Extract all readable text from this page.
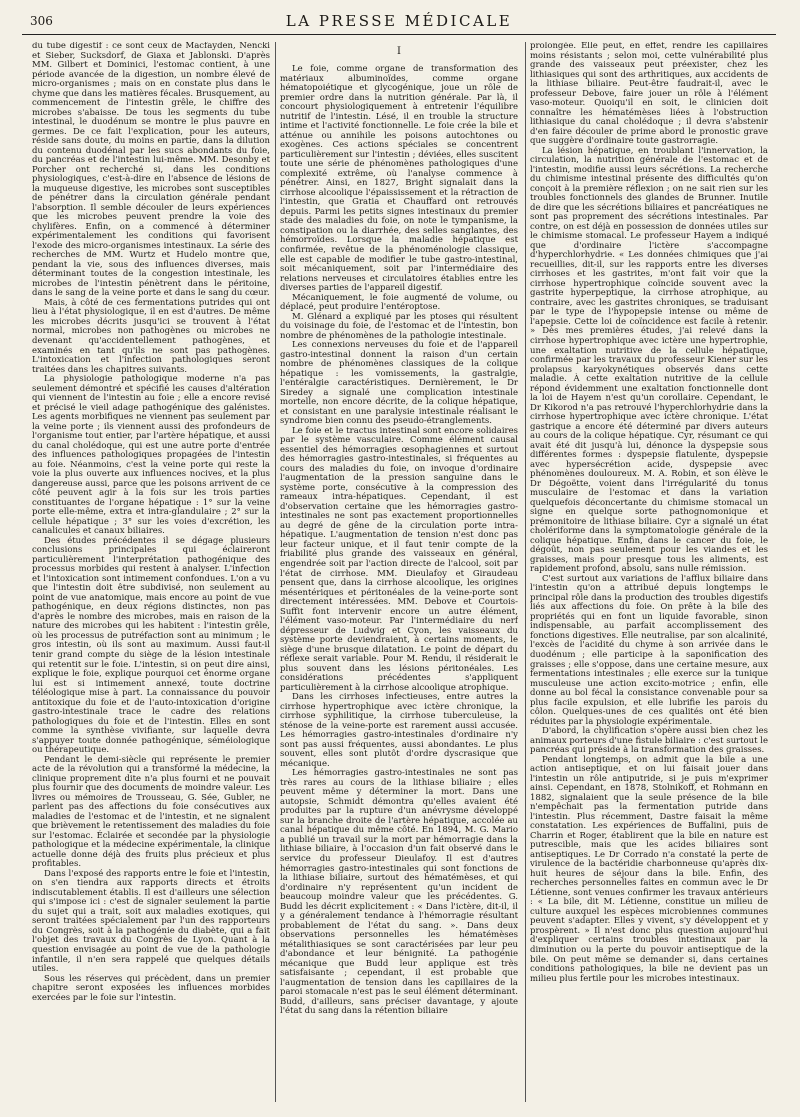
306	LA PRESSE MÉDICALE

du tube digestif : ce sont ceux de Macfayden, Nencki et Sieber, Sucksdorf, de Giaxa et Jablonski. D'après MM. Gilbert et Dominici, l'estomac contient, à une période avancée de la digestion, un nombre élevé de micro-organismes ; mais on en constate plus dans le chyme que dans les matières fécales. Brusquement, au commencement de l'intestin grêle, le chiffre des microbes s'abaisse. De tous les segments du tube intestinal, le duodénum se montre le plus pauvre en germes. De ce fait l'explication, pour les auteurs, réside sans doute, du moins en partie, dans la dilution du contenu duodénal par les sucs abondants du foie, du pancréas et de l'intestin lui-même. MM. Desonby et Porcher ont recherché si, dans les conditions physiologiques, c'est-à-dire en l'absence de lésions de la muqueuse digestive, les microbes sont susceptibles de pénétrer dans la circulation générale pendant l'absorption. Il semble découler de leurs expériences que les microbes peuvent prendre la voie des chylifères. Enfin, on a commencé à déterminer expérimentalement les conditions qui favorisent l'exode des micro-organismes intestinaux. La série des recherches de MM. Wurtz et Hudelo montre que, pendant la vie, sous des influences diverses, mais déterminant toutes de la congestion intestinale, les microbes de l'intestin pénètrent dans le péritoine, dans le sang de la veine porte et dans le sang du cœur.

Mais, à côté de ces fermentations putrides qui ont lieu à l'état physiologique, il en est d'autres. De même les microbes décrits jusqu'ici se trouvent à l'état normal, microbes non pathogènes ou microbes ne devenant qu'accidentellement pathogènes, et examinés en tant qu'ils ne sont pas pathogènes. L'intoxication et l'infection pathologiques seront traitées dans les chapitres suivants.

La physiologie pathologique moderne n'a pas seulement démontré et spécifié les causes d'altération qui viennent de l'intestin au foie ; elle a encore revisé et précisé le vieil adage pathogénique des galénistes. Les agents morbifiques ne viennent pas seulement par la veine porte ; ils viennent aussi des profondeurs de l'organisme tout entier, par l'artère hépatique, et aussi du canal cholédoque, qui est une autre porte d'entrée des influences pathologiques propagées de l'intestin au foie. Néanmoins, c'est la veine porte qui reste la voie la plus ouverte aux influences nocives, et la plus dangereuse aussi, parce que les poisons arrivent de ce côté peuvent agir à la fois sur les trois parties constituantes de l'organe hépatique : 1° sur la veine porte elle-même, extra et intra-glandulaire ; 2° sur la cellule hépatique ; 3° sur les voies d'excrétion, les canalicules et canaux biliaires.

Des études précédentes il se dégage plusieurs conclusions principales qui éclaireront particulièrement l'interprétation pathogénique des processus morbides qui restent à analyser. L'infection et l'intoxication sont intimement confondues. L'on a vu que l'intestin doit être subdivisé, non seulement au point de vue anatomique, mais encore au point de vue pathogénique, en deux régions distinctes, non pas d'après le nombre des microbes, mais en raison de la nature des microbes qui les habitent : l'intestin grêle, où les processus de putréfaction sont au minimum ; le gros intestin, où ils sont au maximum. Aussi faut-il tenir grand compte du siège de la lésion intestinale qui retentit sur le foie. L'intestin, si on peut dire ainsi, explique le foie, explique pourquoi cet énorme organe lui est si intimement annexé, toute doctrine téléologique mise à part. La connaissance du pouvoir antitoxique du foie et de l'auto-intoxication d'origine gastro-intestinale trace le cadre des relations pathologiques du foie et de l'intestin. Elles en sont comme la synthèse vivifiante, sur laquelle devra s'appuyer toute donnée pathogénique, séméiologique ou thérapeutique.

Pendant le demi-siècle qui représente le premier acte de la révolution qui a transformé la médecine, la clinique proprement dite n'a plus fourni et ne pouvait plus fournir que des documents de moindre valeur. Les livres ou mémoires de Trousseau, G. Sée, Gubler, ne parlent pas des affections du foie consécutives aux maladies de l'estomac et de l'intestin, et ne signalent que brièvement le retentissement des maladies du foie sur l'estomac. Éclairée et secondée par la physiologie pathologique et la médecine expérimentale, la clinique actuelle donne déjà des fruits plus précieux et plus profitables.

Dans l'exposé des rapports entre le foie et l'intestin, on s'en tiendra aux rapports directs et étroits indiscutablement établis. Il est d'ailleurs une sélection qui s'impose ici : c'est de signaler seulement la partie du sujet qui a trait, soit aux maladies exotiques, qui seront traitées spécialement par l'un des rapporteurs du Congrès, soit à la pathogénie du diabète, qui a fait l'objet des travaux du Congrès de Lyon. Quant à la question envisagée au point de vue de la pathologie infantile, il n'en sera rappelé que quelques détails utiles.

Sous les réserves qui précèdent, dans un premier chapitre seront exposées les influences morbides exercées par le foie sur l'intestin.

I

Le foie, comme organe de transformation des matériaux albuminoïdes, comme organe hématopoiétique et glycogénique, joue un rôle de premier ordre dans la nutrition générale. Par là, il concourt physiologiquement à entretenir l'équilibre nutritif de l'intestin. Lésé, il en trouble la structure intime et l'activité fonctionnelle. Le foie crée la bile et atténue ou annihile les poisons autochtones ou exogènes. Ces actions spéciales se concentrent particulièrement sur l'intestin ; déviées, elles suscitent toute une série de phénomènes pathologiques d'une complexité extrême, où l'analyse commence à pénétrer. Ainsi, en 1827, Bright signalait dans la cirrhose alcoolique l'épaississement et la rétraction de l'intestin, que Gratia et Chauffard ont retrouvés depuis. Parmi les petits signes intestinaux du premier stade des maladies du foie, on note le tympanisme, la constipation ou la diarrhée, des selles sanglantes, des hémorroïdes. Lorsque la maladie hépatique est confirmée, revêtue de la phénoménologie classique, elle est capable de modifier le tube gastro-intestinal, soit mécaniquement, soit par l'intermédiaire des relations nerveuses et circulatoires établies entre les diverses parties de l'appareil digestif.

Mécaniquement, le foie augmenté de volume, ou déplacé, peut produire l'entéroptose.

M. Glénard a expliqué par les ptoses qui résultent du voisinage du foie, de l'estomac et de l'intestin, bon nombre de phénomènes de la pathologie intestinale.

Les connexions nerveuses du foie et de l'appareil gastro-intestinal donnent la raison d'un certain nombre de phénomènes classiques de la colique hépatique : les vomissements, la gastralgie, l'entéralgie caractéristiques. Dernièrement, le Dr Siredey a signalé une complication intestinale mortelle, non encore décrite, de la colique hépatique, et consistant en une paralysie intestinale réalisant le syndrome bien connu des pseudo-étranglements.

Le foie et le tractus intestinal sont encore solidaires par le système vasculaire. Comme élément causal essentiel des hémorragies œsophagiennes et surtout des hémorragies gastro-intestinales, si fréquentes au cours des maladies du foie, on invoque d'ordinaire l'augmentation de la pression sanguine dans le système porte, consécutive à la compression des rameaux intra-hépatiques. Cependant, il est d'observation certaine que les hémorragies gastro-intestinales ne sont pas exactement proportionnelles au degré de gêne de la circulation porte intra-hépatique. L'augmentation de tension n'est donc pas leur facteur unique, et il faut tenir compte de la friabilité plus grande des vaisseaux en général, engendrée soit par l'action directe de l'alcool, soit par l'état de cirrhose. MM. Dieulafoy et Giraudeau pensent que, dans la cirrhose alcoolique, les origines mésentériques et péritonéales de la veine-porte sont directement intéressées. MM. Debove et Courtois-Suffit font intervenir encore un autre élément, l'élément vaso-moteur. Par l'intermédiaire du nerf dépresseur de Ludwig et Cyon, les vaisseaux du système porte deviendraient, à certains moments, le siège d'une brusque dilatation. Le point de départ du réflexe serait variable. Pour M. Rendu, il résiderait le plus souvent dans les lésions péritonéales. Les considérations précédentes s'appliquent particulièrement à la cirrhose alcoolique atrophique.

Dans les cirrhoses infectieuses, entre autres la cirrhose hypertrophique avec ictère chronique, la cirrhose syphilitique, la cirrhose tuberculeuse, la sténose de la veine-porte est rarement aussi accusée. Les hémorragies gastro-intestinales d'ordinaire n'y sont pas aussi fréquentes, aussi abondantes. Le plus souvent, elles sont plutôt d'ordre dyscrasique que mécanique.

Les hémorragies gastro-intestinales ne sont pas très rares au cours de la lithiase biliaire ; elles peuvent même y déterminer la mort. Dans une autopsie, Schmidt démontra qu'elles avaient été produites par la rupture d'un anévrysme développé sur la branche droite de l'artère hépatique, accolée au canal hépatique du même côté. En 1894, M. G. Mario a publié un travail sur la mort par hémorragie dans la lithiase biliaire, à l'occasion d'un fait observé dans le service du professeur Dieulafoy. Il est d'autres hémorragies gastro-intestinales qui sont fonctions de la lithiase biliaire, surtout des hématémèses, et qui d'ordinaire n'y représentent qu'un incident de beaucoup moindre valeur que les précédentes. G. Budd les décrit explicitement : « Dans l'ictère, dit-il, il y a généralement tendance à l'hémorragie résultant probablement de l'état du sang. ». Dans deux observations personnelles les hématémèses métalithiasiques se sont caractérisées par leur peu d'abondance et leur bénignité. La pathogénie mécanique que Budd leur applique est très satisfaisante ; cependant, il est probable que l'augmentation de tension dans les capillaires de la paroi stomacale n'est pas le seul élément déterminant. Budd, d'ailleurs, sans préciser davantage, y ajoute l'état du sang dans la rétention biliaire

prolongée. Elle peut, en effet, rendre les capillaires moins résistants ; selon moi, cette vulnérabilité plus grande des vaisseaux peut préexister, chez les lithiasiques qui sont des arthritiques, aux accidents de la lithiase biliaire. Peut-être faudrait-il, avec le professeur Debove, faire jouer un rôle à l'élément vaso-moteur. Quoiqu'il en soit, le clinicien doit connaître les hématémèses liées à l'obstruction lithiasique du canal cholédoque ; il devra s'abstenir d'en faire découler de prime abord le pronostic grave que suggère d'ordinaire toute gastrorragie.

La lésion hépatique, en troublant l'innervation, la circulation, la nutrition générale de l'estomac et de l'intestin, modifie aussi leurs sécrétions. La recherche du chimisme intestinal présente des difficultés qu'on conçoit à la première réflexion ; on ne sait rien sur les troubles fonctionnels des glandes de Brunner. Inutile de dire que les sécrétions biliaires et pancréatiques ne sont pas proprement des sécrétions intestinales. Par contre, on est déjà en possession de données utiles sur le chimisme stomacal. Le professeur Hayem a indiqué que d'ordinaire l'ictère s'accompagne d'hyperchlorhydrie. « Les données chimiques que j'ai recueillies, dit-il, sur les rapports entre les diverses cirrhoses et les gastrites, m'ont fait voir que la cirrhose hypertrophique coïncide souvent avec la gastrite hyperpeptique, la cirrhose atrophique, au contraire, avec les gastrites chroniques, se traduisant par le type de l'hypopepsie intense ou même de l'apepsie. Cette loi de coïncidence est facile à retenir. » Dès mes premières études, j'ai relevé dans la cirrhose hypertrophique avec ictère une hypertrophie, une exaltation nutritive de la cellule hépatique, confirmée par les travaux du professeur Kiener sur les prolapsus karyokynétiques observés dans cette maladie. À cette exaltation nutritive de la cellule répond évidemment une exaltation fonctionnelle dont la loi de Hayem n'est qu'un corollaire. Cependant, le Dr Kikorod n'a pas retrouvé l'hyperchlorhydrie dans la cirrhose hypertrophique avec ictère chronique. L'état gastrique a encore été déterminé par divers auteurs au cours de la colique hépatique. Cyr, résumant ce qui avait été dit jusqu'à lui, dénonce la dyspepsie sous différentes formes : dyspepsie flatulente, dyspepsie avec hypersécrétion acide, dyspepsie avec phénomènes douloureux. M. A. Robin, et son élève le Dr Dégoëtte, voient dans l'irrégularité du tonus musculaire de l'estomac et dans la variation quelquefois déconcertante du chimisme stomacal un signe en quelque sorte pathognomonique et prémonitoire de lithiase biliaire. Cyr a signalé un état cholériforme dans la symptomatologie générale de la colique hépatique. Enfin, dans le cancer du foie, le dégoût, non pas seulement pour les viandes et les graisses, mais pour presque tous les aliments, est rapidement profond, absolu, sans nulle rémission.

C'est surtout aux variations de l'afflux biliaire dans l'intestin qu'on a attribué depuis longtemps le principal rôle dans la production des troubles digestifs liés aux affections du foie. On prête à la bile des propriétés qui en font un liquide favorable, sinon indispensable, au parfait accomplissement des fonctions digestives. Elle neutralise, par son alcalinité, l'excès de l'acidité du chyme à son arrivée dans le duodénum ; elle participe à la saponification des graisses ; elle s'oppose, dans une certaine mesure, aux fermentations intestinales ; elle exerce sur la tunique musculeuse une action excito-motrice ; enfin, elle donne au bol fécal la consistance convenable pour sa plus facile expulsion, et elle lubrifie les parois du côlon. Quelques-unes de ces qualités ont été bien réduites par la physiologie expérimentale.

D'abord, la chylification s'opère aussi bien chez les animaux porteurs d'une fistule biliaire : c'est surtout le pancréas qui préside à la transformation des graisses.

Pendant longtemps, on admit que la bile a une action antiseptique, et on lui faisait jouer dans l'intestin un rôle antiputride, si je puis m'exprimer ainsi. Cependant, en 1878, Stolnikoff, et Rohmann en 1882, signalaient que la seule présence de la bile n'empêchait pas la fermentation putride dans l'intestin. Plus récemment, Dastre faisait la même constatation. Les expériences de Buffalini, puis de Charrin et Roger, établirent que la bile en nature est putrescible, mais que les acides biliaires sont antiseptiques. Le Dr Corrado n'a constaté la perte de virulence de la bactéridie charbonneuse qu'après dix-huit heures de séjour dans la bile. Enfin, des recherches personnelles faites en commun avec le Dr Létienne, sont venues confirmer les travaux antérieurs : « La bile, dit M. Létienne, constitue un milieu de culture auxquel les espèces microbiennes communes peuvent s'adapter. Elles y vivent, s'y développent et y prospèrent. » Il n'est donc plus question aujourd'hui d'expliquer certains troubles intestinaux par la diminution ou la perte du pouvoir antiseptique de la bile. On peut même se demander si, dans certaines conditions pathologiques, la bile ne devient pas un milieu plus fertile pour les microbes intestinaux.
